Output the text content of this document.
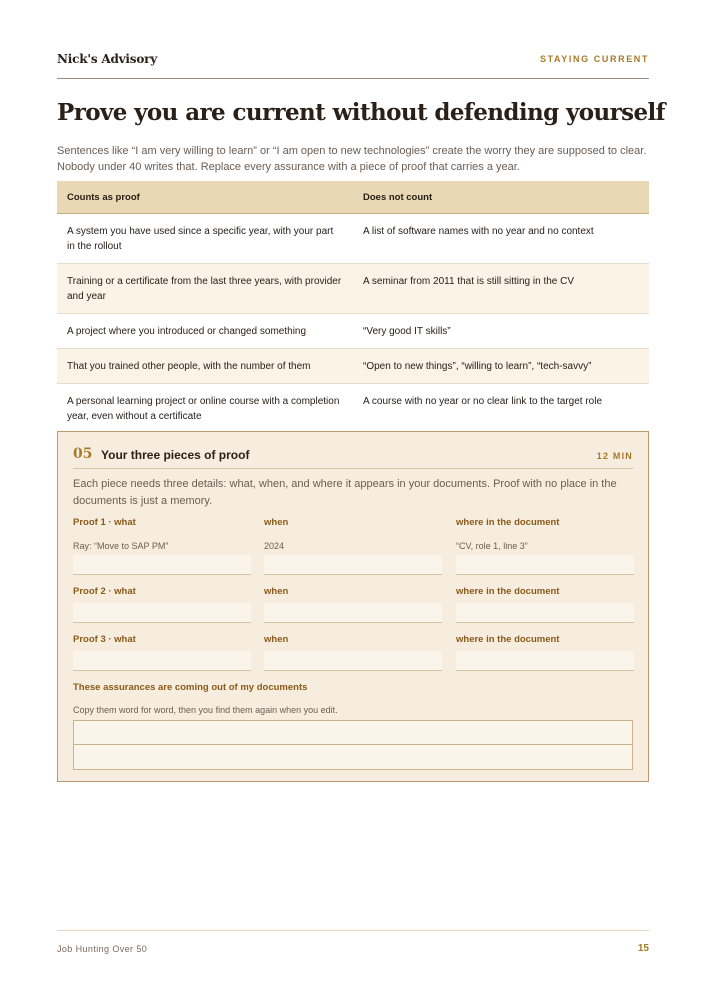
Nick's Advisory	STAYING CURRENT
Prove you are current without defending yourself

Sentences like “I am very willing to learn” or “I am open to new technologies” create the worry they are supposed to clear. Nobody under 40 writes that. Replace every assurance with a piece of proof that carries a year.

Counts as proof	Does not count
A system you have used since a specific year, with your part in the rollout	A list of software names with no year and no context
Training or a certificate from the last three years, with provider and year	A seminar from 2011 that is still sitting in the CV
A project where you introduced or changed something	“Very good IT skills”
That you trained other people, with the number of them	“Open to new things”, “willing to learn”, “tech-savvy”
A personal learning project or online course with a completion year, even without a certificate	A course with no year or no clear link to the target role
05 Your three pieces of proof	12 MIN

Each piece needs three details: what, when, and where it appears in your documents. Proof with no place in the documents is just a memory.

Proof 1 · what	when	where in the document
Ray: “Move to SAP PM”	2024	“CV, role 1, line 3”
Proof 2 · what	when	where in the document
Proof 3 · what	when	where in the document
These assurances are coming out of my documents
Copy them word for word, then you find them again when you edit.
Job Hunting Over 50	15
